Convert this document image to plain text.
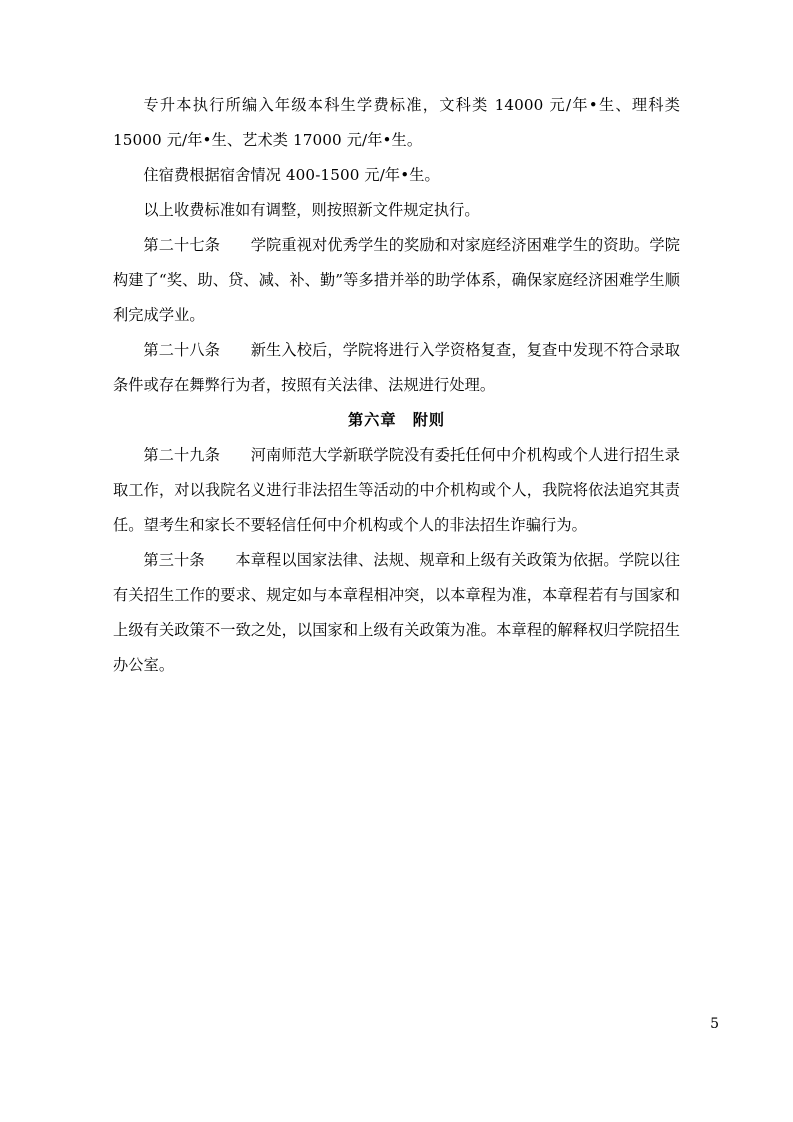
专升本执行所编入年级本科生学费标准，文科类 14000 元/年•生、理科类 15000 元/年•生、艺术类 17000 元/年•生。

住宿费根据宿舍情况 400-1500 元/年•生。

以上收费标准如有调整，则按照新文件规定执行。

第二十七条　　学院重视对优秀学生的奖励和对家庭经济困难学生的资助。学院构建了“奖、助、贷、减、补、勤”等多措并举的助学体系，确保家庭经济困难学生顺利完成学业。

第二十八条　　新生入校后，学院将进行入学资格复查，复查中发现不符合录取条件或存在舞弊行为者，按照有关法律、法规进行处理。

第六章　附则

第二十九条　　河南师范大学新联学院没有委托任何中介机构或个人进行招生录取工作，对以我院名义进行非法招生等活动的中介机构或个人，我院将依法追究其责任。望考生和家长不要轻信任何中介机构或个人的非法招生诈骗行为。

第三十条　　本章程以国家法律、法规、规章和上级有关政策为依据。学院以往有关招生工作的要求、规定如与本章程相冲突，以本章程为准，本章程若有与国家和上级有关政策不一致之处，以国家和上级有关政策为准。本章程的解释权归学院招生办公室。

5
